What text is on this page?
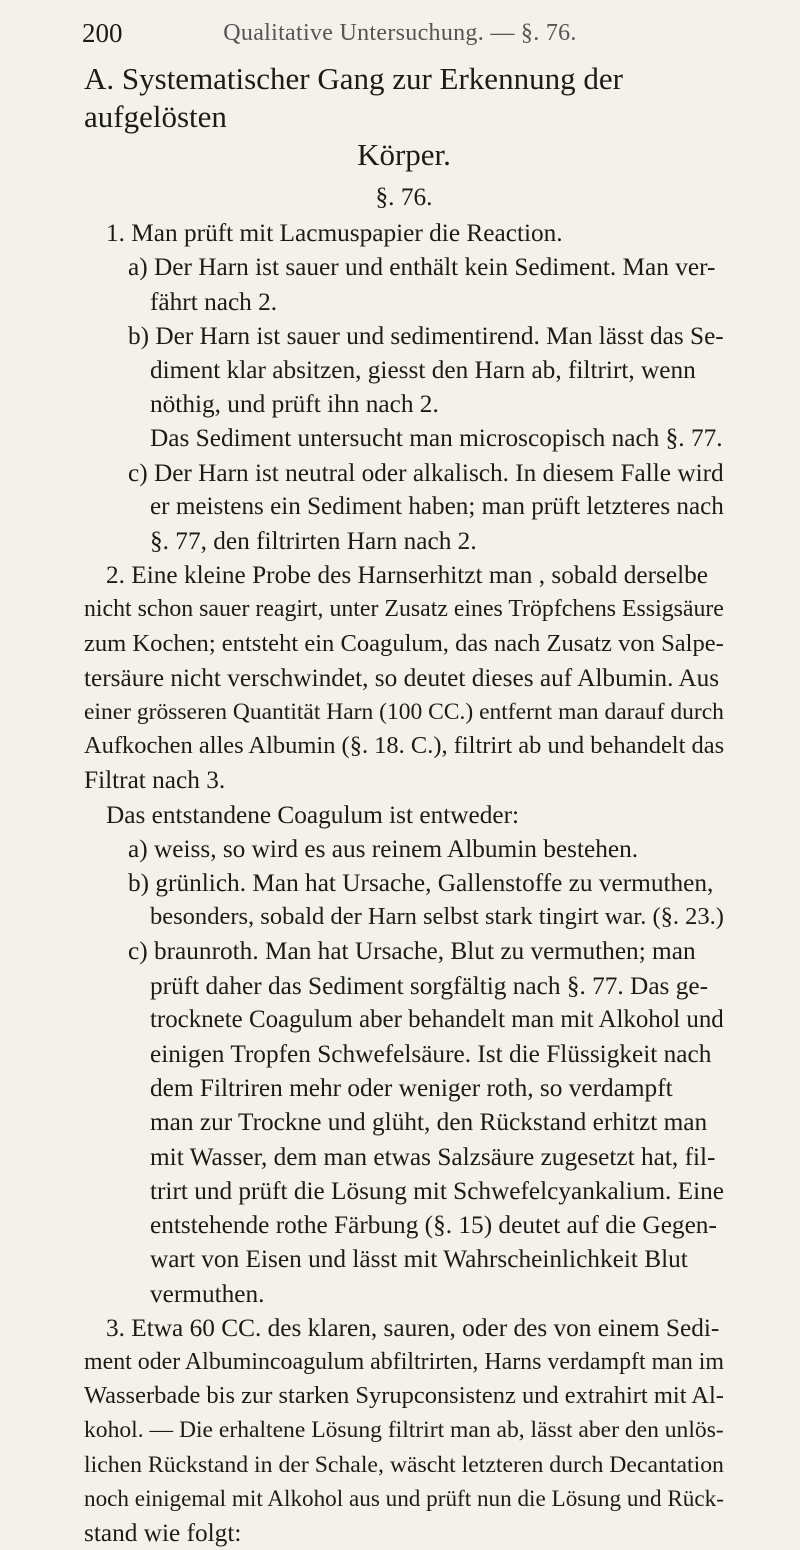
200	Qualitative Untersuchung. — §. 76.
A. Systematischer Gang zur Erkennung der aufgelösten
Körper.
§. 76.
1. Man prüft mit Lacmuspapier die Reaction.
a) Der Harn ist sauer und enthält kein Sediment. Man ver-
fährt nach 2.
b) Der Harn ist sauer und sedimentirend. Man lässt das Se-
diment klar absitzen, giesst den Harn ab, filtrirt, wenn
nöthig, und prüft ihn nach 2.
Das Sediment untersucht man microscopisch nach §. 77.
c) Der Harn ist neutral oder alkalisch. In diesem Falle wird
er meistens ein Sediment haben; man prüft letzteres nach
§. 77, den filtrirten Harn nach 2.
2. Eine kleine Probe des Harnserhitzt man , sobald derselbe
nicht schon sauer reagirt, unter Zusatz eines Tröpfchens Essigsäure
zum Kochen; entsteht ein Coagulum, das nach Zusatz von Salpe-
tersäure nicht verschwindet, so deutet dieses auf Albumin. Aus
einer grösseren Quantität Harn (100 CC.) entfernt man darauf durch
Aufkochen alles Albumin (§. 18. C.), filtrirt ab und behandelt das
Filtrat nach 3.
Das entstandene Coagulum ist entweder:
a) weiss, so wird es aus reinem Albumin bestehen.
b) grünlich. Man hat Ursache, Gallenstoffe zu vermuthen,
besonders, sobald der Harn selbst stark tingirt war. (§. 23.)
c) braunroth. Man hat Ursache, Blut zu vermuthen; man
prüft daher das Sediment sorgfältig nach §. 77. Das ge-
trocknete Coagulum aber behandelt man mit Alkohol und
einigen Tropfen Schwefelsäure. Ist die Flüssigkeit nach
dem Filtriren mehr oder weniger roth, so verdampft
man zur Trockne und glüht, den Rückstand erhitzt man
mit Wasser, dem man etwas Salzsäure zugesetzt hat, fil-
trirt und prüft die Lösung mit Schwefelcyankalium. Eine
entstehende rothe Färbung (§. 15) deutet auf die Gegen-
wart von Eisen und lässt mit Wahrscheinlichkeit Blut
vermuthen.
3. Etwa 60 CC. des klaren, sauren, oder des von einem Sedi-
ment oder Albumincoagulum abfiltrirten, Harns verdampft man im
Wasserbade bis zur starken Syrupconsistenz und extrahirt mit Al-
kohol. — Die erhaltene Lösung filtrirt man ab, lässt aber den unlös-
lichen Rückstand in der Schale, wäscht letzteren durch Decantation
noch einigemal mit Alkohol aus und prüft nun die Lösung und Rück-
stand wie folgt:
